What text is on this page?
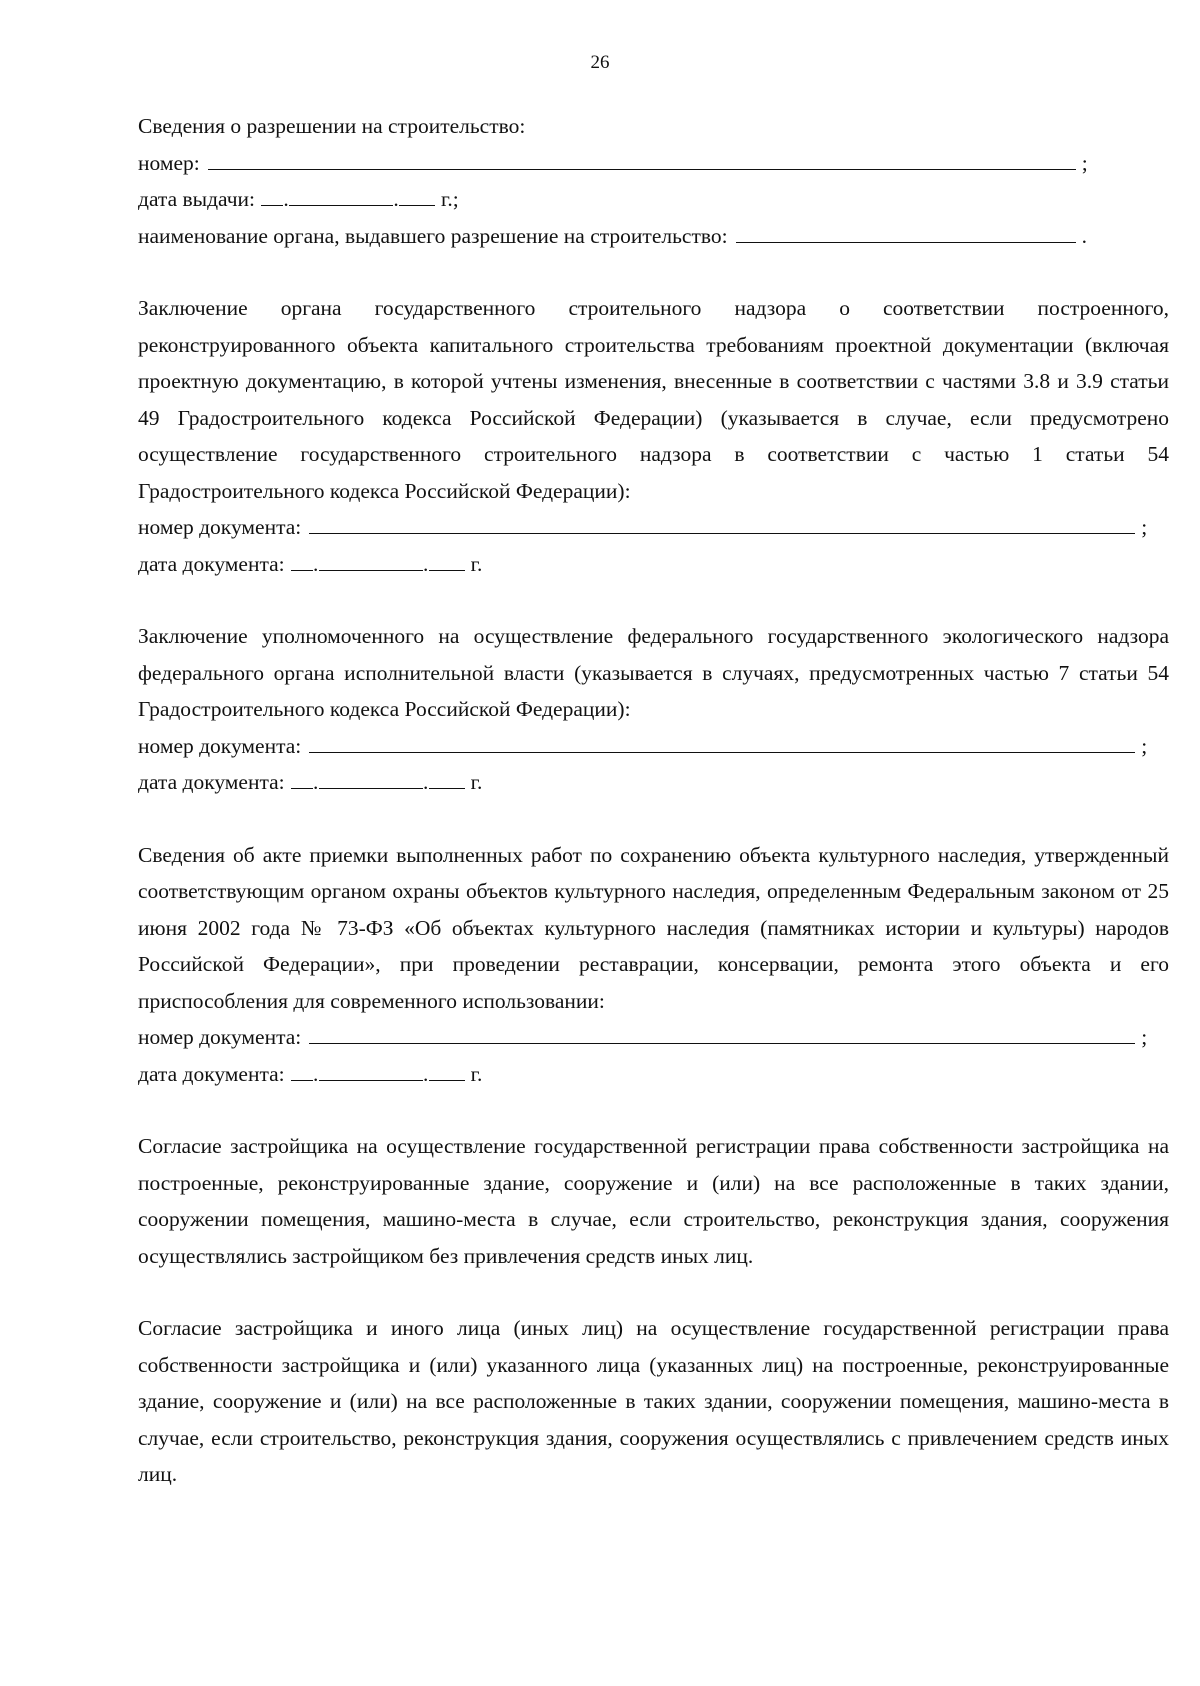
26
Сведения о разрешении на строительство:
номер:	;
дата выдачи: .	. г.;
наименование органа, выдавшего разрешение на строительство:	.
Заключение органа государственного строительного надзора о соответствии построенного, реконструированного объекта капитального строительства требованиям проектной документации (включая проектную документацию, в которой учтены изменения, внесенные в соответствии с частями 3.8 и 3.9 статьи 49 Градостроительного кодекса Российской Федерации) (указывается в случае, если предусмотрено осуществление государственного строительного надзора в соответствии с частью 1 статьи 54 Градостроительного кодекса Российской Федерации):
номер документа:	;
дата документа: .	. г.
Заключение уполномоченного на осуществление федерального государственного экологического надзора федерального органа исполнительной власти (указывается в случаях, предусмотренных частью 7 статьи 54 Градостроительного кодекса Российской Федерации):
номер документа:	;
дата документа: .	. г.
Сведения об акте приемки выполненных работ по сохранению объекта культурного наследия, утвержденный соответствующим органом охраны объектов культурного наследия, определенным Федеральным законом от 25 июня 2002 года № 73-ФЗ «Об объектах культурного наследия (памятниках истории и культуры) народов Российской Федерации», при проведении реставрации, консервации, ремонта этого объекта и его приспособления для современного использовании:
номер документа:	;
дата документа: .	. г.
Согласие застройщика на осуществление государственной регистрации права собственности застройщика на построенные, реконструированные здание, сооружение и (или) на все расположенные в таких здании, сооружении помещения, машино-места в случае, если строительство, реконструкция здания, сооружения осуществлялись застройщиком без привлечения средств иных лиц.
Согласие застройщика и иного лица (иных лиц) на осуществление государственной регистрации права собственности застройщика и (или) указанного лица (указанных лиц) на построенные, реконструированные здание, сооружение и (или) на все расположенные в таких здании, сооружении помещения, машино-места в случае, если строительство, реконструкция здания, сооружения осуществлялись с привлечением средств иных лиц.
